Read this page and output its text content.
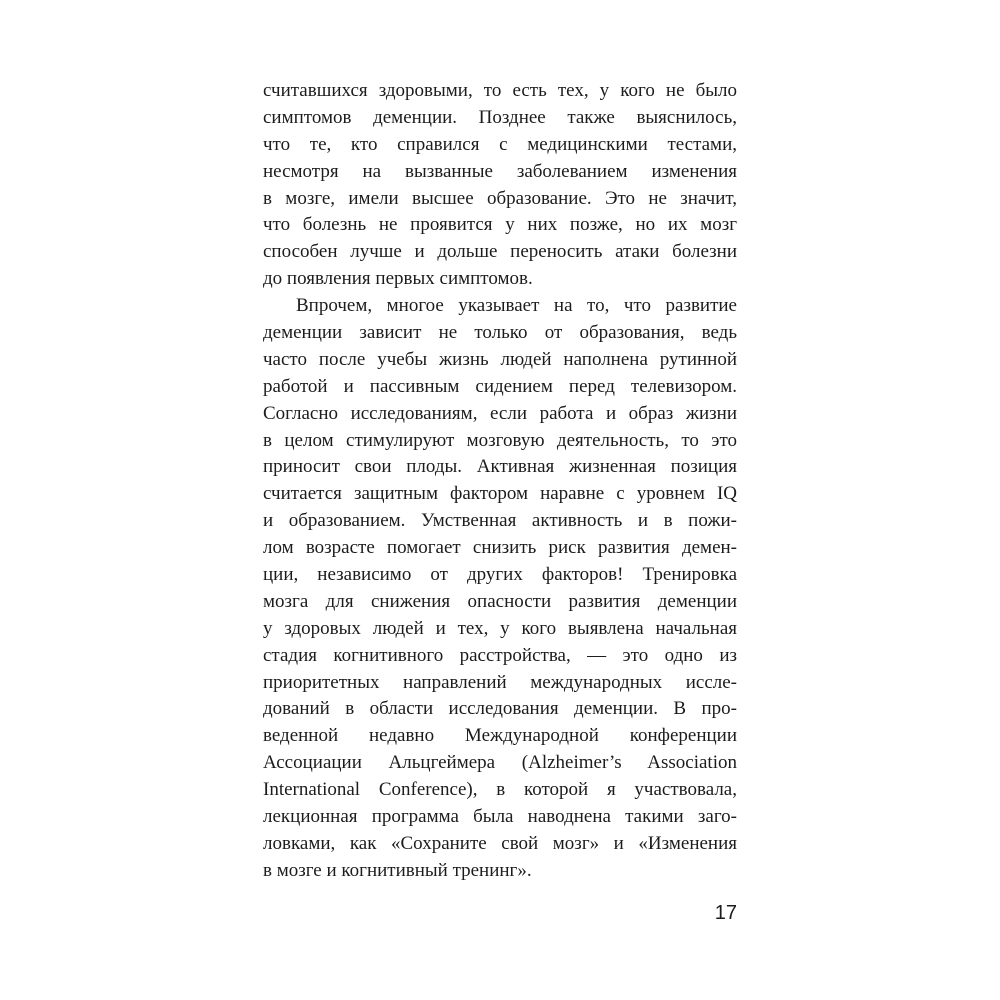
считавшихся здоровыми, то есть тех, у кого не было
симптомов деменции. Позднее также выяснилось,
что те, кто справился с медицинскими тестами,
несмотря на вызванные заболеванием изменения
в мозге, имели высшее образование. Это не значит,
что болезнь не проявится у них позже, но их мозг
способен лучше и дольше переносить атаки болезни
до появления первых симптомов.
Впрочем, многое указывает на то, что развитие
деменции зависит не только от образования, ведь
часто после учебы жизнь людей наполнена рутинной
работой и пассивным сидением перед телевизором.
Согласно исследованиям, если работа и образ жизни
в целом стимулируют мозговую деятельность, то это
приносит свои плоды. Активная жизненная позиция
считается защитным фактором наравне с уровнем IQ
и образованием. Умственная активность и в пожи-
лом возрасте помогает снизить риск развития демен-
ции, независимо от других факторов! Тренировка
мозга для снижения опасности развития деменции
у здоровых людей и тех, у кого выявлена начальная
стадия когнитивного расстройства, — это одно из
приоритетных направлений международных иссле-
дований в области исследования деменции. В про-
веденной недавно Международной конференции
Ассоциации Альцгеймера (Alzheimer’s Association
International Conference), в которой я участвовала,
лекционная программа была наводнена такими заго-
ловками, как «Сохраните свой мозг» и «Изменения
в мозге и когнитивный тренинг».
17
